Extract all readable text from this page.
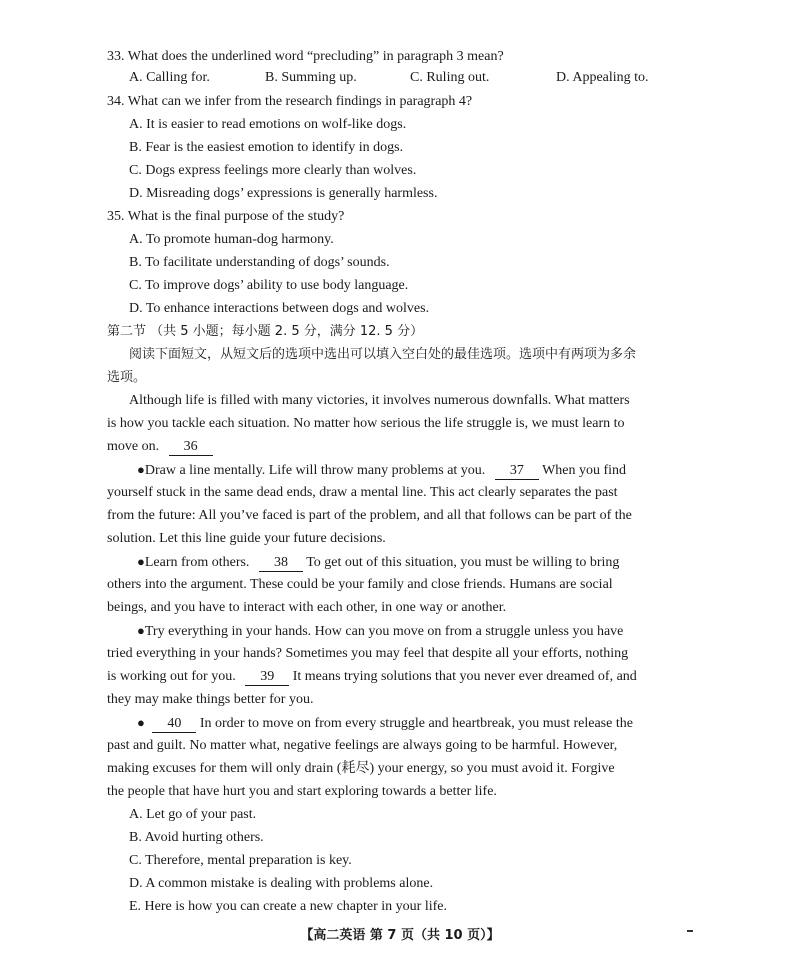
33. What does the underlined word “precluding” in paragraph 3 mean?
A. Calling for.	B. Summing up.	C. Ruling out.	D. Appealing to.
34. What can we infer from the research findings in paragraph 4?
A. It is easier to read emotions on wolf-like dogs.
B. Fear is the easiest emotion to identify in dogs.
C. Dogs express feelings more clearly than wolves.
D. Misreading dogs’ expressions is generally harmless.
35. What is the final purpose of the study?
A. To promote human-dog harmony.
B. To facilitate understanding of dogs’ sounds.
C. To improve dogs’ ability to use body language.
D. To enhance interactions between dogs and wolves.
第二节 （共 5 小题；每小题 2. 5 分，满分 12. 5 分）
阅读下面短文，从短文后的选项中选出可以填入空白处的最佳选项。选项中有两项为多余
选项。
Although life is filled with many victories, it involves numerous downfalls. What matters
is how you tackle each situation. No matter how serious the life struggle is, we must learn to
move on. 36
●Draw a line mentally. Life will throw many problems at you. 37 When you find
yourself stuck in the same dead ends, draw a mental line. This act clearly separates the past
from the future: All you’ve faced is part of the problem, and all that follows can be part of the
solution. Let this line guide your future decisions.
●Learn from others. 38 To get out of this situation, you must be willing to bring
others into the argument. These could be your family and close friends. Humans are social
beings, and you have to interact with each other, in one way or another.
●Try everything in your hands. How can you move on from a struggle unless you have
tried everything in your hands? Sometimes you may feel that despite all your efforts, nothing
is working out for you. 39 It means trying solutions that you never ever dreamed of, and
they may make things better for you.
● 40 In order to move on from every struggle and heartbreak, you must release the
past and guilt. No matter what, negative feelings are always going to be harmful. However,
making excuses for them will only drain (耗尽) your energy, so you must avoid it. Forgive
the people that have hurt you and start exploring towards a better life.
A. Let go of your past.
B. Avoid hurting others.
C. Therefore, mental preparation is key.
D. A common mistake is dealing with problems alone.
E. Here is how you can create a new chapter in your life.
【高二英语 第 7 页（共 10 页）】
